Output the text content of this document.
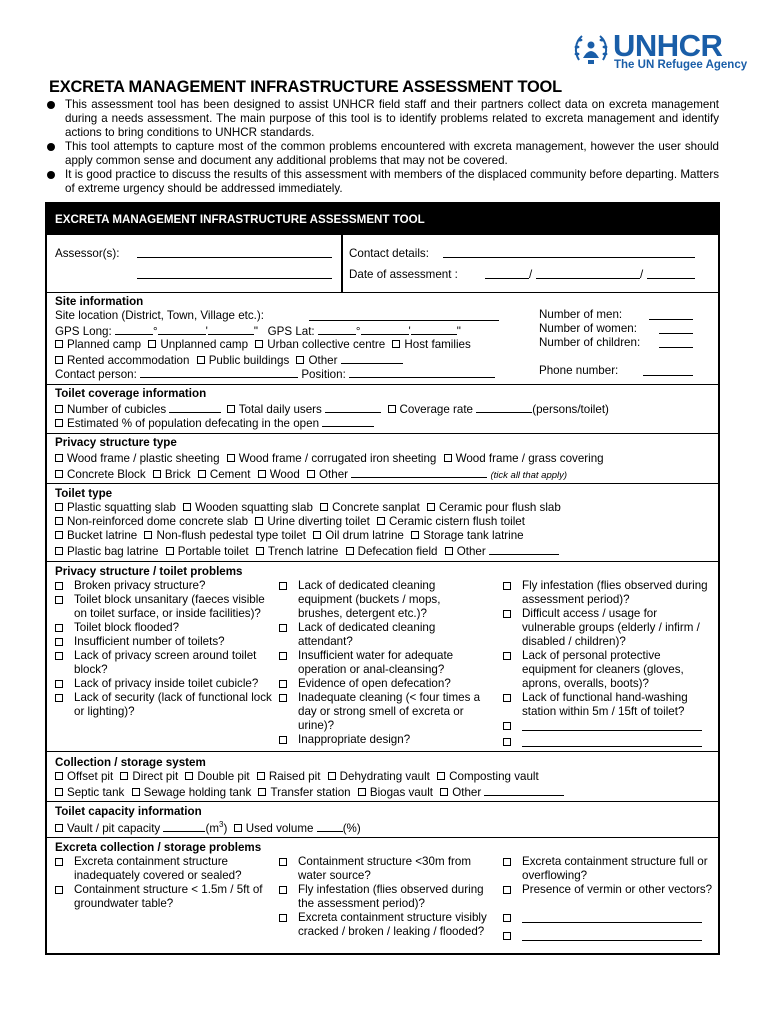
UNHCR
The UN Refugee Agency
EXCRETA MANAGEMENT INFRASTRUCTURE ASSESSMENT TOOL
This assessment tool has been designed to assist UNHCR field staff and their partners collect data on excreta management during a needs assessment. The main purpose of this tool is to identify problems related to excreta management and identify actions to bring conditions to UNHCR standards.
This tool attempts to capture most of the common problems encountered with excreta management, however the user should apply common sense and document any additional problems that may not be covered.
It is good practice to discuss the results of this assessment with members of the displaced community before departing. Matters of extreme urgency should be addressed immediately.
EXCRETA MANAGEMENT INFRASTRUCTURE ASSESSMENT TOOL
Assessor(s):	Contact details:
Date of assessment :	/	/
Site information
Site location (District, Town, Village etc.):
GPS Long:	°	'	" GPS Lat:	°	'	"
Planned camp Unplanned camp Urban collective centre Host families
Rented accommodation Public buildings Other
Contact person:	Position:
Number of men:
Number of women:
Number of children:
Phone number:
Toilet coverage information
Number of cubicles	Total daily users	Coverage rate	(persons/toilet)
Estimated % of population defecating in the open
Privacy structure type
Wood frame / plastic sheeting Wood frame / corrugated iron sheeting Wood frame / grass covering
Concrete Block Brick Cement Wood Other	(tick all that apply)
Toilet type
Plastic squatting slab Wooden squatting slab Concrete sanplat Ceramic pour flush slab
Non-reinforced dome concrete slab Urine diverting toilet Ceramic cistern flush toilet
Bucket latrine Non-flush pedestal type toilet Oil drum latrine Storage tank latrine
Plastic bag latrine Portable toilet Trench latrine Defecation field Other
Privacy structure / toilet problems
Broken privacy structure?
Toilet block unsanitary (faeces visible on toilet surface, or inside facilities)?
Toilet block flooded?
Insufficient number of toilets?
Lack of privacy screen around toilet block?
Lack of privacy inside toilet cubicle?
Lack of security (lack of functional lock or lighting)?
Lack of dedicated cleaning equipment (buckets / mops, brushes, detergent etc.)?
Lack of dedicated cleaning attendant?
Insufficient water for adequate operation or anal-cleansing?
Evidence of open defecation?
Inadequate cleaning (< four times a day or strong smell of excreta or urine)?
Inappropriate design?
Fly infestation (flies observed during assessment period)?
Difficult access / usage for vulnerable groups (elderly / infirm / disabled / children)?
Lack of personal protective equipment for cleaners (gloves, aprons, overalls, boots)?
Lack of functional hand-washing station within 5m / 15ft of toilet?
Collection / storage system
Offset pit Direct pit Double pit Raised pit Dehydrating vault Composting vault
Septic tank Sewage holding tank Transfer station Biogas vault Other
Toilet capacity information
Vault / pit capacity	$(m^3)$ Used volume	(%)
Excreta collection / storage problems
Excreta containment structure inadequately covered or sealed?
Containment structure < 1.5m / 5ft of groundwater table?
Containment structure <30m from water source?
Fly infestation (flies observed during the assessment period)?
Excreta containment structure visibly cracked / broken / leaking / flooded?
Excreta containment structure full or overflowing?
Presence of vermin or other vectors?
